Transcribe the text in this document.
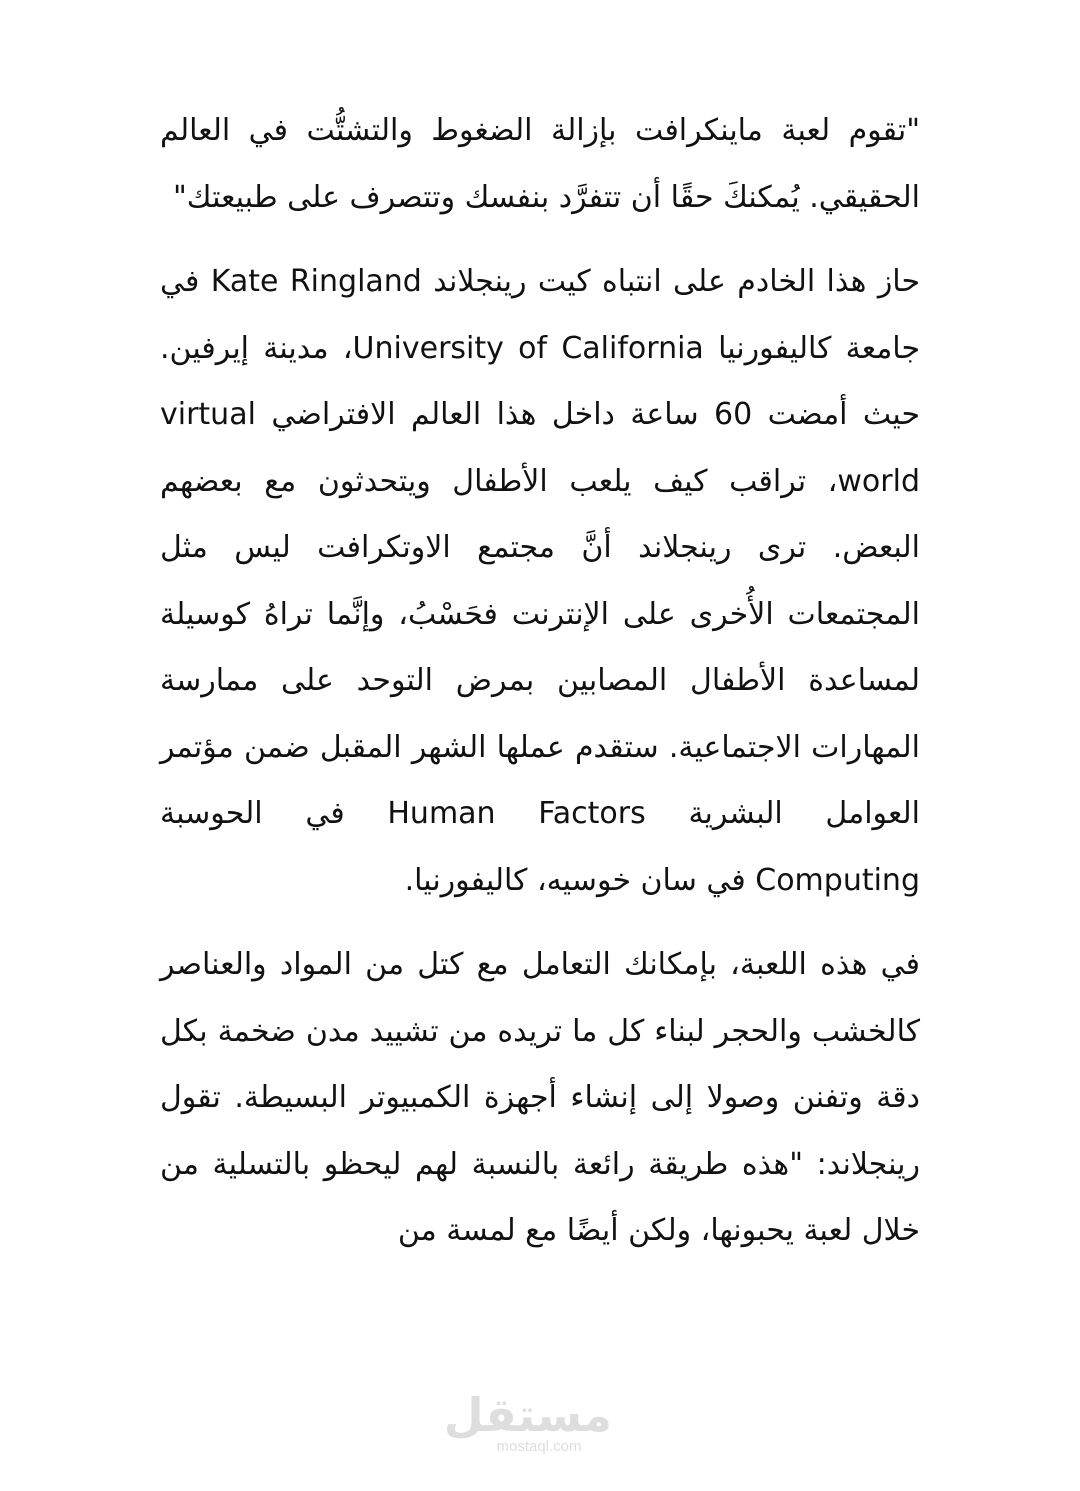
"تقوم لعبة ماينكرافت بإزالة الضغوط والتشتُّت في العالم الحقيقي. يُمكنكَ حقًا أن تتفرَّد بنفسك وتتصرف على طبيعتك"

حاز هذا الخادم على انتباه كيت رينجلاند Kate Ringland في جامعة كاليفورنيا University of California، مدينة إيرفين. حيث أمضت 60 ساعة داخل هذا العالم الافتراضي virtual world، تراقب كيف يلعب الأطفال ويتحدثون مع بعضهم البعض. ترى رينجلاند أنَّ مجتمع الاوتكرافت ليس مثل المجتمعات الأُخرى على الإنترنت فحَسْبُ، وإنَّما تراهُ كوسيلة لمساعدة الأطفال المصابين بمرض التوحد على ممارسة المهارات الاجتماعية. ستقدم عملها الشهر المقبل ضمن مؤتمر العوامل البشرية Human Factors في الحوسبة Computing في سان خوسيه، كاليفورنيا.

في هذه اللعبة، بإمكانك التعامل مع كتل من المواد والعناصر كالخشب والحجر لبناء كل ما تريده من تشييد مدن ضخمة بكل دقة وتفنن وصولا إلى إنشاء أجهزة الكمبيوتر البسيطة. تقول رينجلاند: "هذه طريقة رائعة بالنسبة لهم ليحظو بالتسلية من خلال لعبة يحبونها، ولكن أيضًا مع لمسة من

مستقل
mostaql.com
